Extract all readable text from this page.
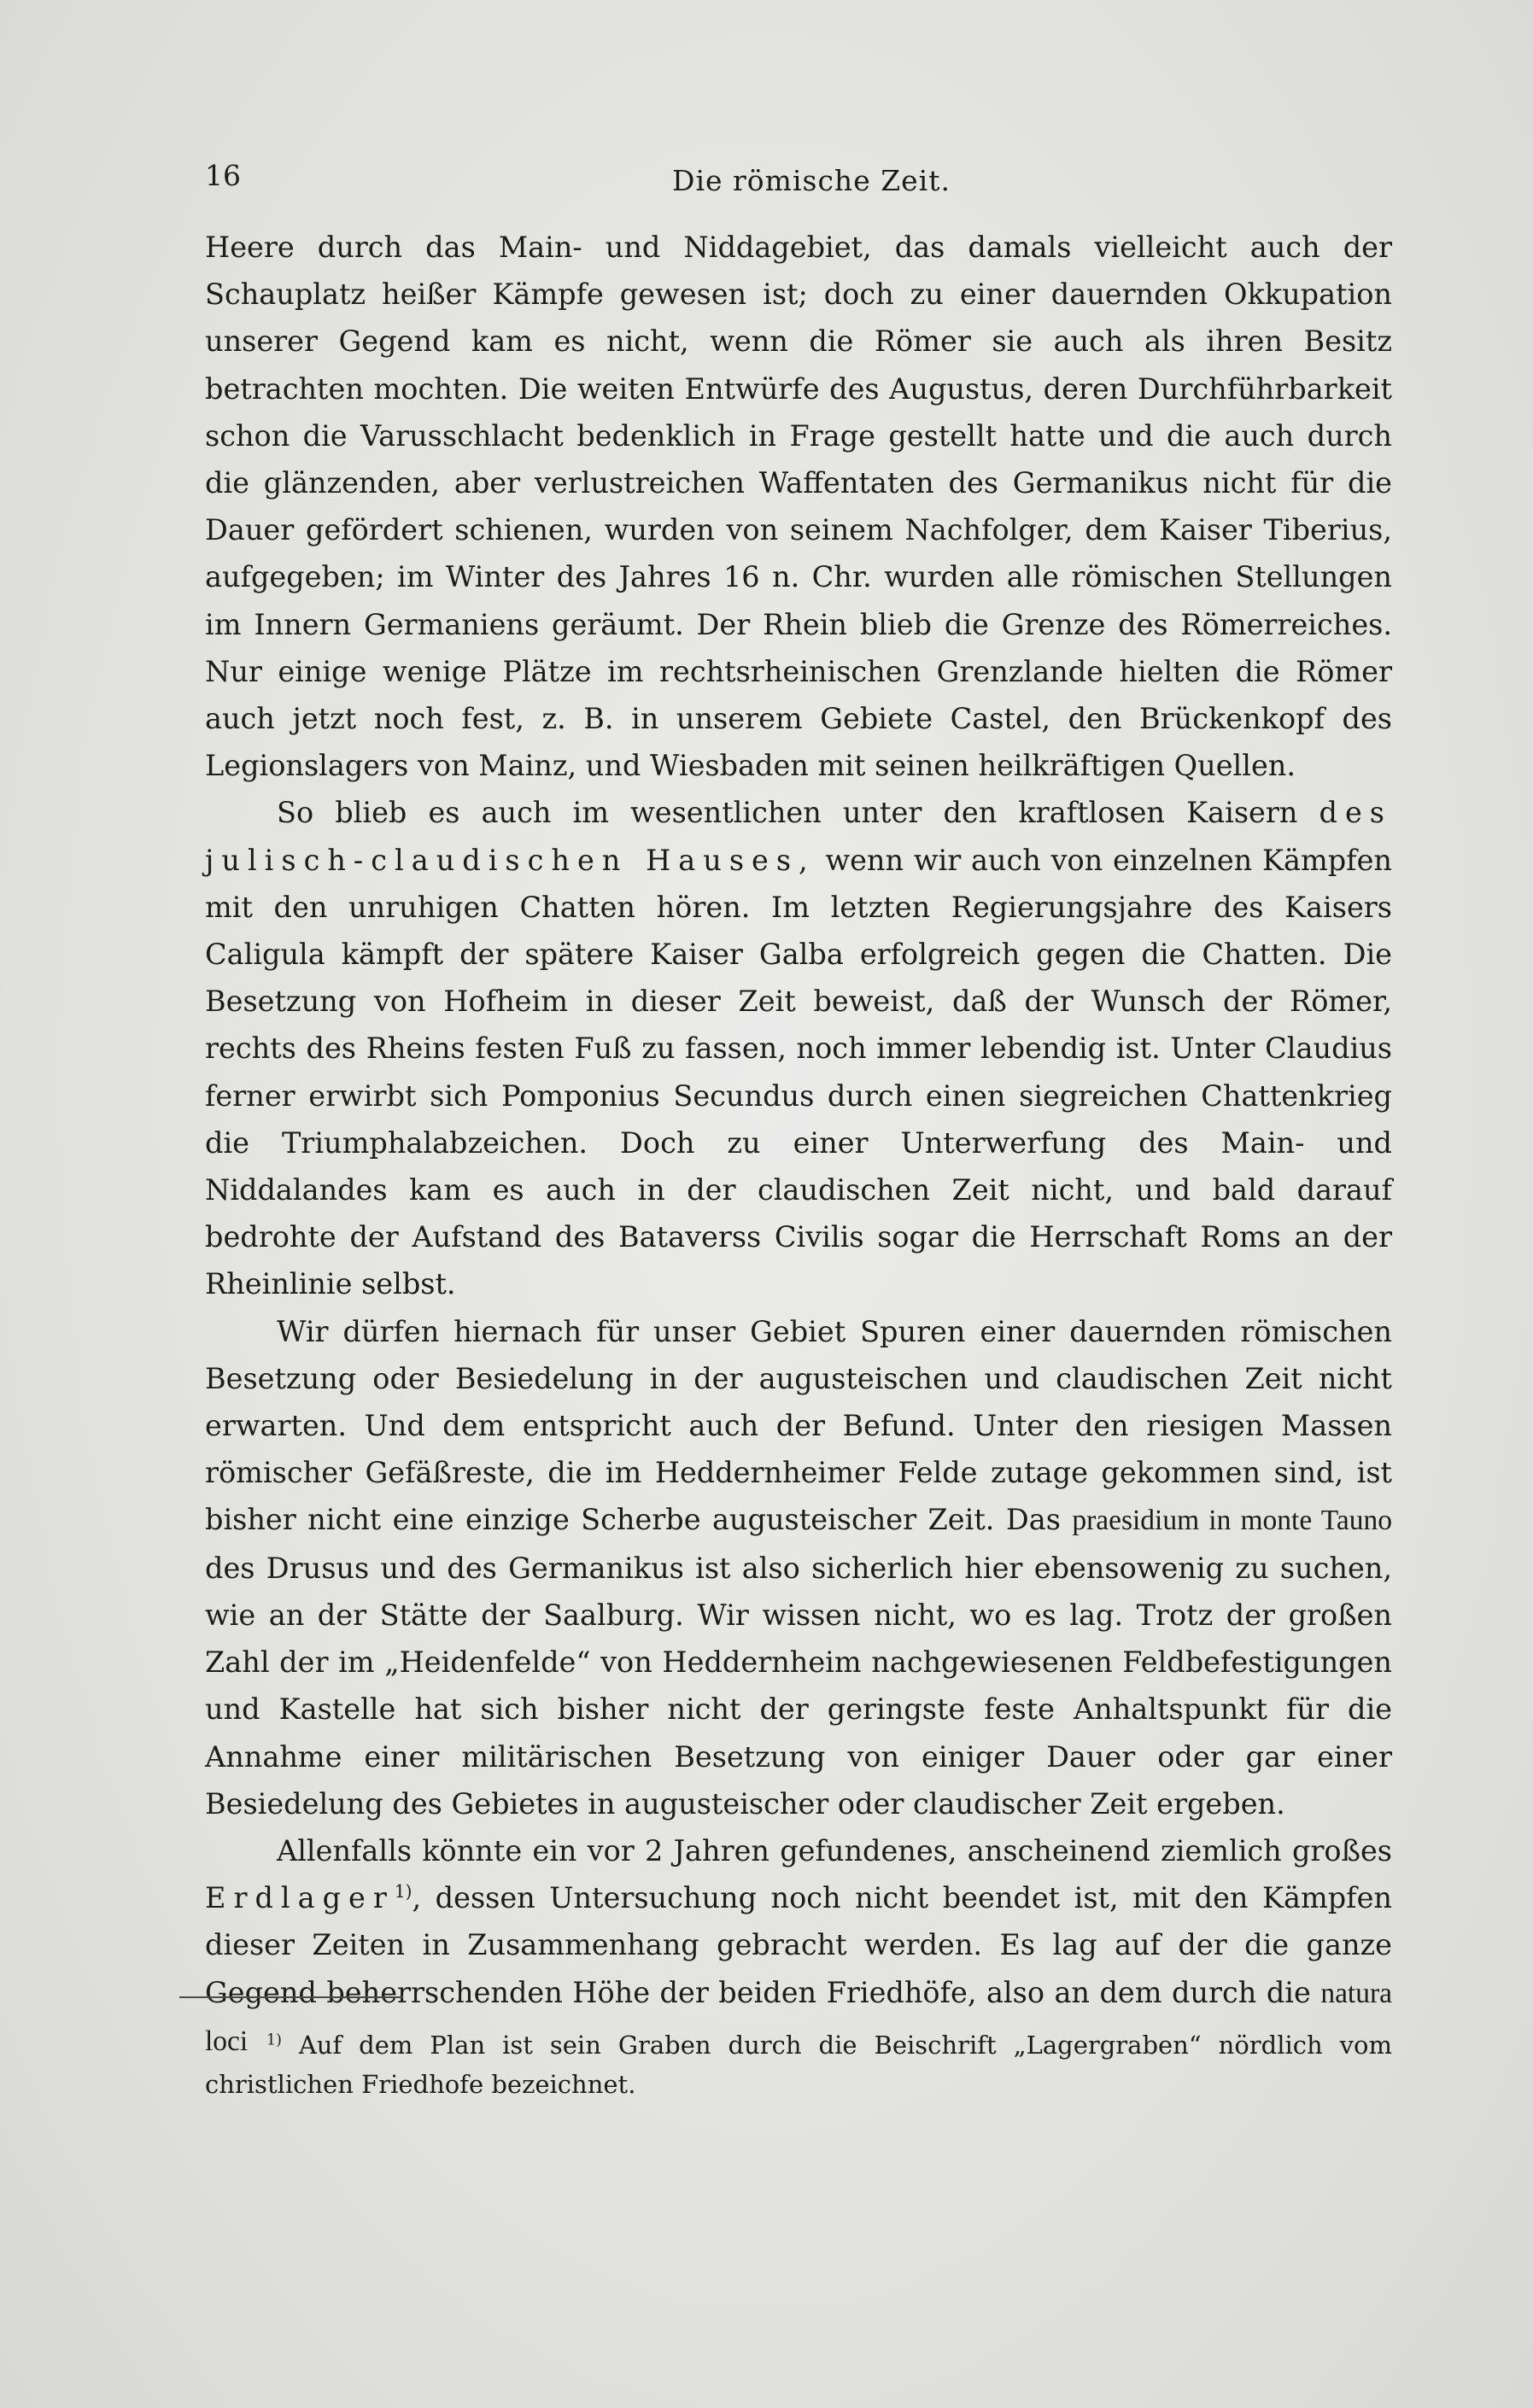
16	Die römische Zeit.

Heere durch das Main- und Niddagebiet, das damals vielleicht auch der Schauplatz heißer Kämpfe gewesen ist; doch zu einer dauernden Okkupation unserer Gegend kam es nicht, wenn die Römer sie auch als ihren Besitz betrachten mochten. Die weiten Entwürfe des Augustus, deren Durchführbarkeit schon die Varusschlacht bedenklich in Frage gestellt hatte und die auch durch die glänzenden, aber verlustreichen Waffentaten des Germanikus nicht für die Dauer gefördert schienen, wurden von seinem Nachfolger, dem Kaiser Tiberius, aufgegeben; im Winter des Jahres 16 n. Chr. wurden alle römischen Stellungen im Innern Germaniens geräumt. Der Rhein blieb die Grenze des Römerreiches. Nur einige wenige Plätze im rechtsrheinischen Grenzlande hielten die Römer auch jetzt noch fest, z. B. in unserem Gebiete Castel, den Brückenkopf des Legionslagers von Mainz, und Wiesbaden mit seinen heilkräftigen Quellen.

So blieb es auch im wesentlichen unter den kraftlosen Kaisern des julisch-claudischen Hauses, wenn wir auch von einzelnen Kämpfen mit den unruhigen Chatten hören. Im letzten Regierungsjahre des Kaisers Caligula kämpft der spätere Kaiser Galba erfolgreich gegen die Chatten. Die Besetzung von Hofheim in dieser Zeit beweist, daß der Wunsch der Römer, rechts des Rheins festen Fuß zu fassen, noch immer lebendig ist. Unter Claudius ferner erwirbt sich Pomponius Secundus durch einen siegreichen Chattenkrieg die Triumphalabzeichen. Doch zu einer Unterwerfung des Main- und Niddalandes kam es auch in der claudischen Zeit nicht, und bald darauf bedrohte der Aufstand des Bataverss Civilis sogar die Herrschaft Roms an der Rheinlinie selbst.

Wir dürfen hiernach für unser Gebiet Spuren einer dauernden römischen Besetzung oder Besiedelung in der augusteischen und claudischen Zeit nicht erwarten. Und dem entspricht auch der Befund. Unter den riesigen Massen römischer Gefäßreste, die im Heddernheimer Felde zutage gekommen sind, ist bisher nicht eine einzige Scherbe augusteischer Zeit. Das praesidium in monte Tauno des Drusus und des Germanikus ist also sicherlich hier ebensowenig zu suchen, wie an der Stätte der Saalburg. Wir wissen nicht, wo es lag. Trotz der großen Zahl der im „Heidenfelde“ von Heddernheim nachgewiesenen Feldbefestigungen und Kastelle hat sich bisher nicht der geringste feste Anhaltspunkt für die Annahme einer militärischen Besetzung von einiger Dauer oder gar einer Besiedelung des Gebietes in augusteischer oder claudischer Zeit ergeben.

Allenfalls könnte ein vor 2 Jahren gefundenes, anscheinend ziemlich großes Erdlager$^{1)}$, dessen Untersuchung noch nicht beendet ist, mit den Kämpfen dieser Zeiten in Zusammenhang gebracht werden. Es lag auf der die ganze Gegend beherrschenden Höhe der beiden Friedhöfe, also an dem durch die natura loci	$^{1)}$ Auf dem Plan ist sein Graben durch die Beischrift „Lagergraben“ nördlich vom christlichen Friedhofe bezeichnet.
